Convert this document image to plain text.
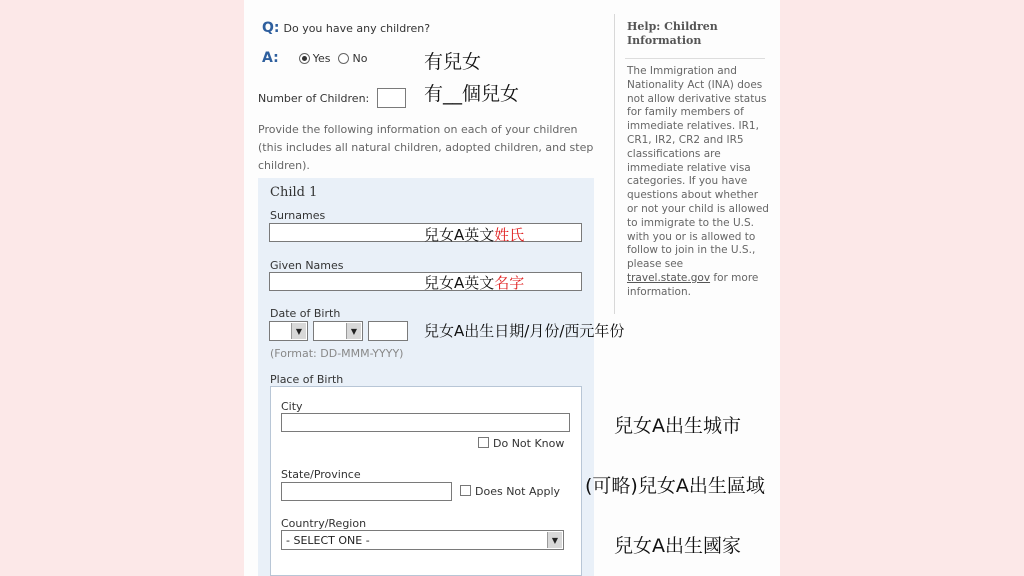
Q: Do you have any children?
A:	Yes No
Number of Children:
Provide the following information on each of your children (this includes all natural children, adopted children, and step children).
Child 1
Surnames
Given Names
Date of Birth
▼	▼
(Format: DD-MMM-YYYY)
Place of Birth
City
Do Not Know
State/Province
Does Not Apply
Country/Region
- SELECT ONE -	▼
Help: Children Information
The Immigration and Nationality Act (INA) does not allow derivative status for family members of immediate relatives. IR1, CR1, IR2, CR2 and IR5 classifications are immediate relative visa categories. If you have questions about whether or not your child is allowed to immigrate to the U.S. with you or is allowed to follow to join in the U.S., please see travel.state.gov for more information.
有兒女
有__個兒女
兒女A英文姓氏
兒女A英文名字
兒女A出生日期/月份/西元年份
兒女A出生城市
(可略)兒女A出生區域
兒女A出生國家
